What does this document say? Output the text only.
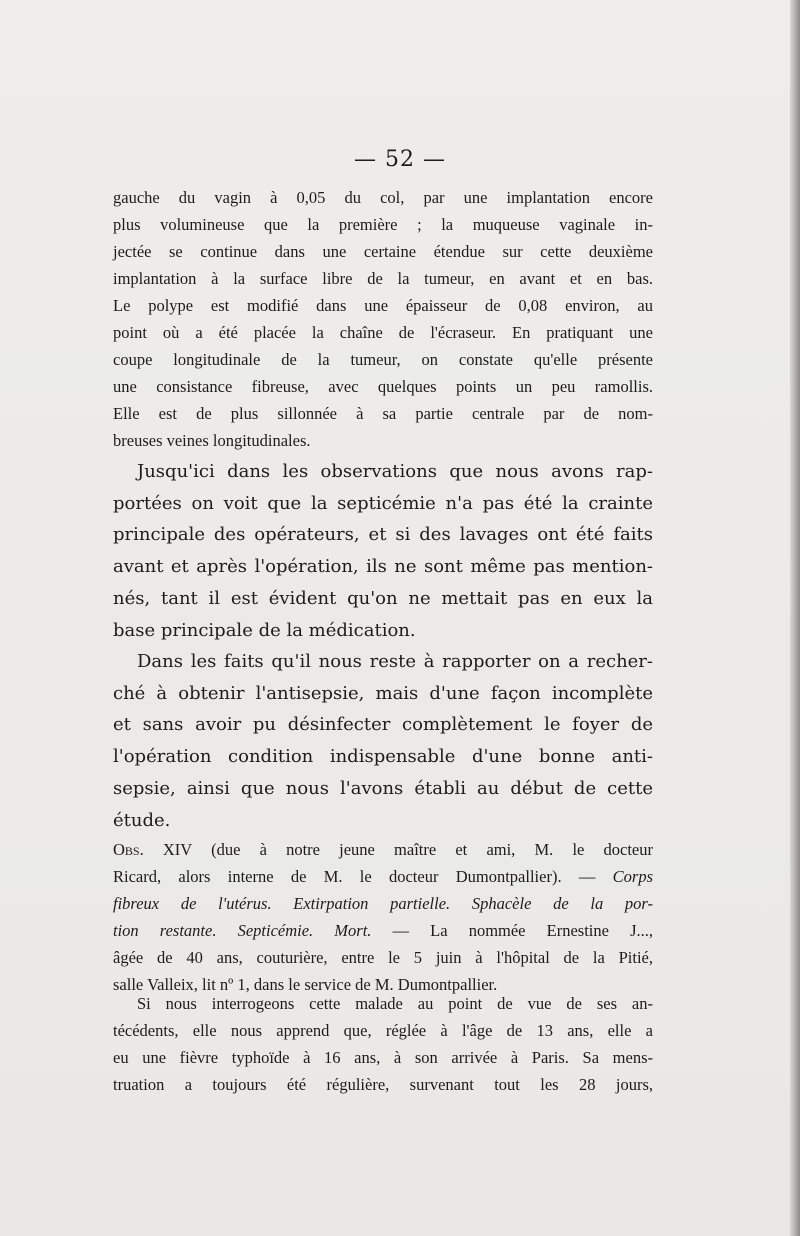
— 52 —
gauche du vagin à 0,05 du col, par une implantation encore
plus volumineuse que la première ; la muqueuse vaginale in-
jectée se continue dans une certaine étendue sur cette deuxième
implantation à la surface libre de la tumeur, en avant et en bas.
Le polype est modifié dans une épaisseur de 0,08 environ, au
point où a été placée la chaîne de l'écraseur. En pratiquant une
coupe longitudinale de la tumeur, on constate qu'elle présente
une consistance fibreuse, avec quelques points un peu ramollis.
Elle est de plus sillonnée à sa partie centrale par de nom-
breuses veines longitudinales.
Jusqu'ici dans les observations que nous avons rap-
portées on voit que la septicémie n'a pas été la crainte
principale des opérateurs, et si des lavages ont été faits
avant et après l'opération, ils ne sont même pas mention-
nés, tant il est évident qu'on ne mettait pas en eux la
base principale de la médication.
Dans les faits qu'il nous reste à rapporter on a recher-
ché à obtenir l'antisepsie, mais d'une façon incomplète
et sans avoir pu désinfecter complètement le foyer de
l'opération condition indispensable d'une bonne anti-
sepsie, ainsi que nous l'avons établi au début de cette
étude.
Obs. XIV (due à notre jeune maître et ami, M. le docteur
Ricard, alors interne de M. le docteur Dumontpallier). — Corps
fibreux de l'utérus. Extirpation partielle. Sphacèle de la por-
tion restante. Septicémie. Mort. — La nommée Ernestine J...,
âgée de 40 ans, couturière, entre le 5 juin à l'hôpital de la Pitié,
salle Valleix, lit nº 1, dans le service de M. Dumontpallier.
Si nous interrogeons cette malade au point de vue de ses an-
técédents, elle nous apprend que, réglée à l'âge de 13 ans, elle a
eu une fièvre typhoïde à 16 ans, à son arrivée à Paris. Sa mens-
truation a toujours été régulière, survenant tout les 28 jours,
